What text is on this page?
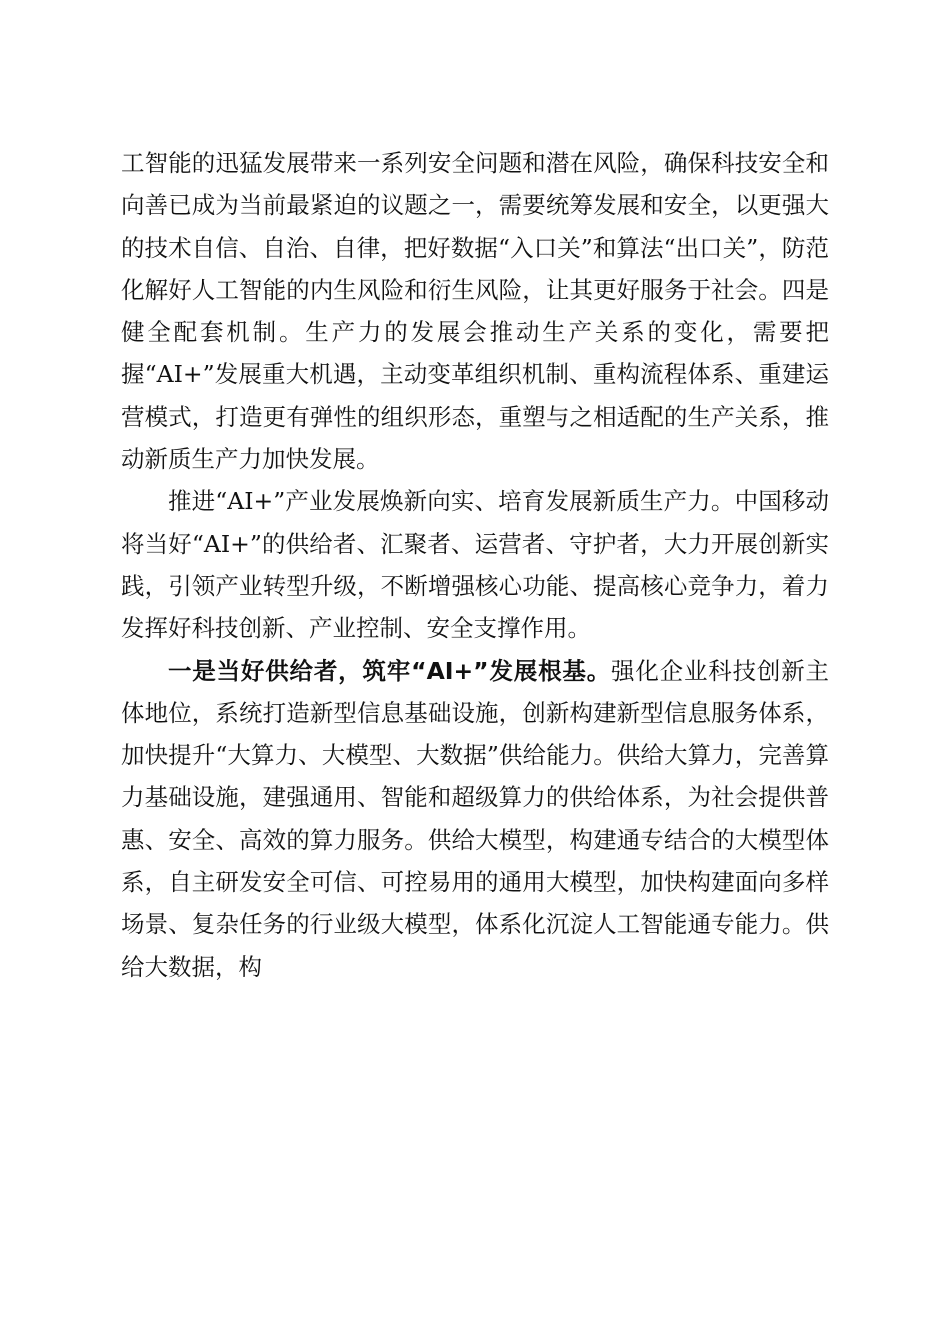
工智能的迅猛发展带来一系列安全问题和潜在风险，确保科技安全和向善已成为当前最紧迫的议题之一，需要统筹发展和安全，以更强大的技术自信、自治、自律，把好数据“入口关”和算法“出口关”，防范化解好人工智能的内生风险和衍生风险，让其更好服务于社会。四是健全配套机制。生产力的发展会推动生产关系的变化，需要把握“AI+”发展重大机遇，主动变革组织机制、重构流程体系、重建运营模式，打造更有弹性的组织形态，重塑与之相适配的生产关系，推动新质生产力加快发展。

推进“AI+”产业发展焕新向实、培育发展新质生产力。中国移动将当好“AI+”的供给者、汇聚者、运营者、守护者，大力开展创新实践，引领产业转型升级，不断增强核心功能、提高核心竞争力，着力发挥好科技创新、产业控制、安全支撑作用。

一是当好供给者，筑牢“AI+”发展根基。强化企业科技创新主体地位，系统打造新型信息基础设施，创新构建新型信息服务体系，加快提升“大算力、大模型、大数据”供给能力。供给大算力，完善算力基础设施，建强通用、智能和超级算力的供给体系，为社会提供普惠、安全、高效的算力服务。供给大模型，构建通专结合的大模型体系，自主研发安全可信、可控易用的通用大模型，加快构建面向多样场景、复杂任务的行业级大模型，体系化沉淀人工智能通专能力。供给大数据，构
